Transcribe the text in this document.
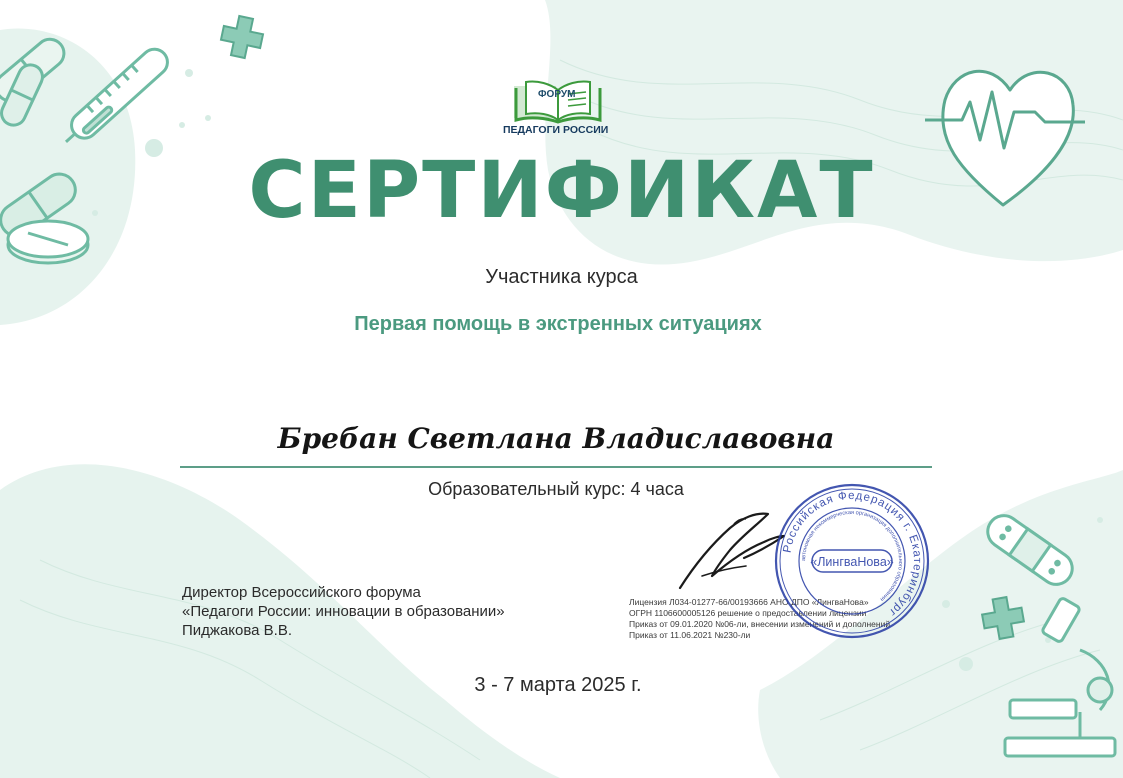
ФОРУМ
ПЕДАГОГИ РОССИИ
СЕРТИФИКАТ
Участника курса
Первая помощь в экстренных ситуациях
Бребан Светлана Владиславовна
Образовательный курс: 4 часа
Директор Всероссийского форума
«Педагоги России: инновации в образовании»
Пиджакова В.В.
Лицензия Л034-01277-66/00193666 АНО ДПО «ЛингваНова»
ОГРН 1106600005126 решение о предоставлении лицензии
Приказ от 09.01.2020 №06-ли, внесении изменений и дополнений
Приказ от 11.06.2021 №230-ли
Российская Федерация г. Екатеринбург
автономная некоммерческая организация дополнительного образования
«ЛингваНова»
3 - 7 марта 2025 г.
